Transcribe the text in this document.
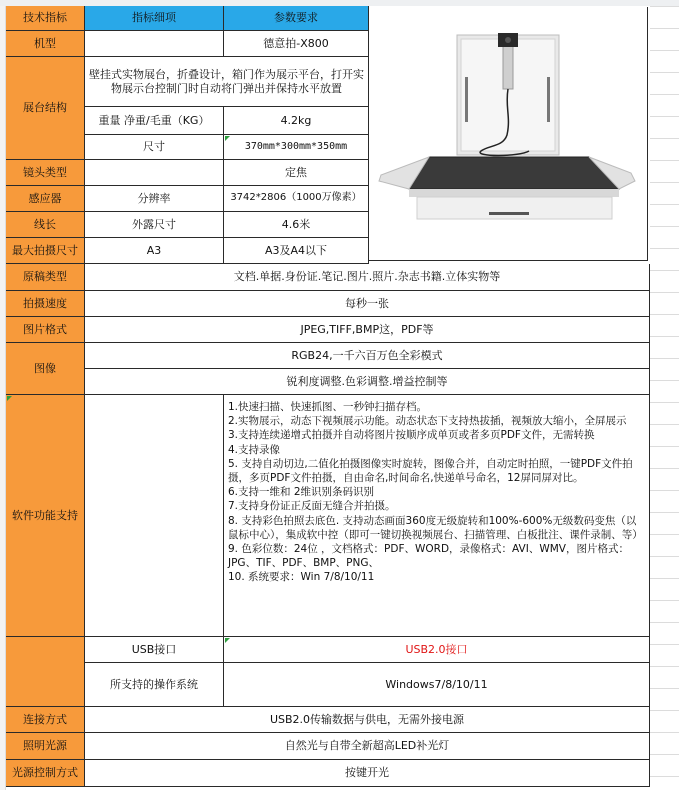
技术指标	指标细项	参数要求
机型	德意拍-X800
展台结构
壁挂式实物展台，折叠设计，箱门作为展示平台，打开实物展示台控制门时自动将门弹出并保持水平放置
重量 净重/毛重（KG）	4.2kg
尺寸	370mm*300mm*350mm
镜头类型	定焦
感应器	分辨率	3742*2806（1000万像素）
线长	外露尺寸	4.6米
最大拍摄尺寸	A3	A3及A4以下
原稿类型	文档.单据.身份证.笔记.图片.照片.杂志书籍.立体实物等
拍摄速度	每秒一张
图片格式	JPEG,TIFF,BMP这，PDF等
图像
RGB24,一千六百万色全彩模式
锐利度调整.色彩调整.增益控制等
软件功能支持
1.快速扫描、快速抓图、一秒钟扫描存档。
2.实物展示，动态下视频展示功能。动态状态下支持热拔插，视频放大缩小，全屏展示
3.支持连续递增式拍摄并自动将图片按顺序成单页或者多页PDF文件，无需转换
4.支持录像
5. 支持自动切边,二值化拍摄图像实时旋转，图像合并，自动定时拍照，一键PDF文件拍摄，多页PDF文件拍摄，自由命名,时间命名,快递单号命名，12屏同屏对比。
6.支持一维和 2维识别条码识别
7.支持身份证正反面无缝合并拍摄。
8. 支持彩色拍照去底色. 支持动态画面360度无级旋转和100%-600%无级数码变焦（以鼠标中心），集成软中控（即可一键切换视频展台、扫描管理、白板批注、课件录制、等）
9. 色彩位数：24位 ，文档格式：PDF、WORD，录像格式：AVI、WMV，图片格式：JPG、TIF、PDF、BMP、PNG、
10. 系统要求：Win 7/8/10/11
USB接口	USB2.0接口
所支持的操作系统	Windows7/8/10/11
连接方式	USB2.0传输数据与供电，无需外接电源
照明光源	自然光与自带全新超高LED补光灯
光源控制方式	按键开光
